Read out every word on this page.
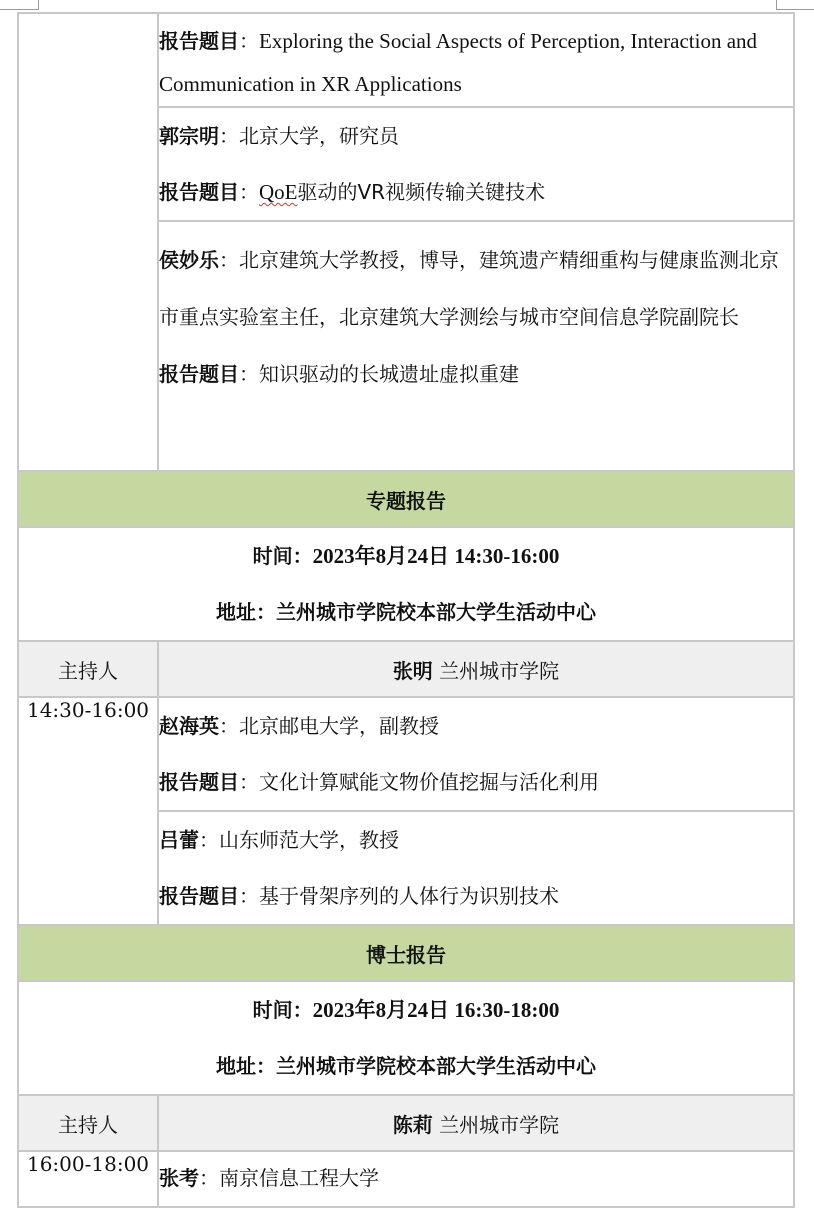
	报告题目：Exploring the Social Aspects of Perception, Interaction and Communication in XR Applications

	郭宗明：北京大学，研究员
报告题目：QoE驱动的VR视频传输关键技术

	侯妙乐：北京建筑大学教授，博导，建筑遗产精细重构与健康监测北京市重点实验室主任，北京建筑大学测绘与城市空间信息学院副院长
报告题目：知识驱动的长城遗址虚拟重建

专题报告	

时间：2023年8月24日 14:30-16:00
地址：兰州城市学院校本部大学生活动中心	

主持人	张明 兰州城市学院
14:30-16:00	赵海英：北京邮电大学，副教授
报告题目：文化计算赋能文物价值挖掘与活化利用

	吕蕾：山东师范大学，教授
报告题目：基于骨架序列的人体行为识别技术

博士报告	

时间：2023年8月24日 16:30-18:00
地址：兰州城市学院校本部大学生活动中心	

主持人	陈莉 兰州城市学院
16:00-18:00	张考：南京信息工程大学
